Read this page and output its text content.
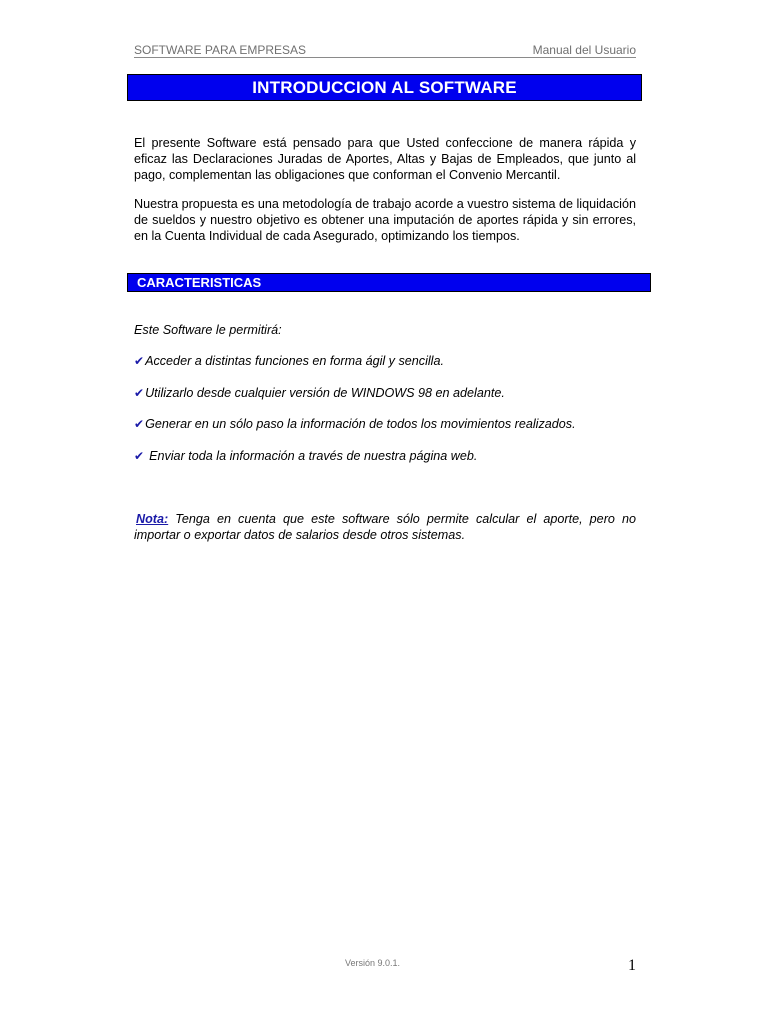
SOFTWARE PARA EMPRESAS	Manual del Usuario
INTRODUCCION AL SOFTWARE

El presente Software está pensado para que Usted confeccione de manera rápida y eficaz las Declaraciones Juradas de Aportes, Altas y Bajas de Empleados, que junto al pago, complementan las obligaciones que conforman el Convenio Mercantil.

Nuestra propuesta es una metodología de trabajo acorde a vuestro sistema de liquidación de sueldos y nuestro objetivo es obtener una imputación de aportes rápida y sin errores, en la Cuenta Individual de cada Asegurado, optimizando los tiempos.

CARACTERISTICAS
Este Software le permitirá:
✔Acceder a distintas funciones en forma ágil y sencilla.
✔Utilizarlo desde cualquier versión de WINDOWS 98 en adelante.
✔Generar en un sólo paso la información de todos los movimientos realizados.
✔ Enviar toda la información a través de nuestra página web.

Nota: Tenga en cuenta que este software sólo permite calcular el aporte, pero no importar o exportar datos de salarios desde otros sistemas.

Versión 9.0.1.	1
